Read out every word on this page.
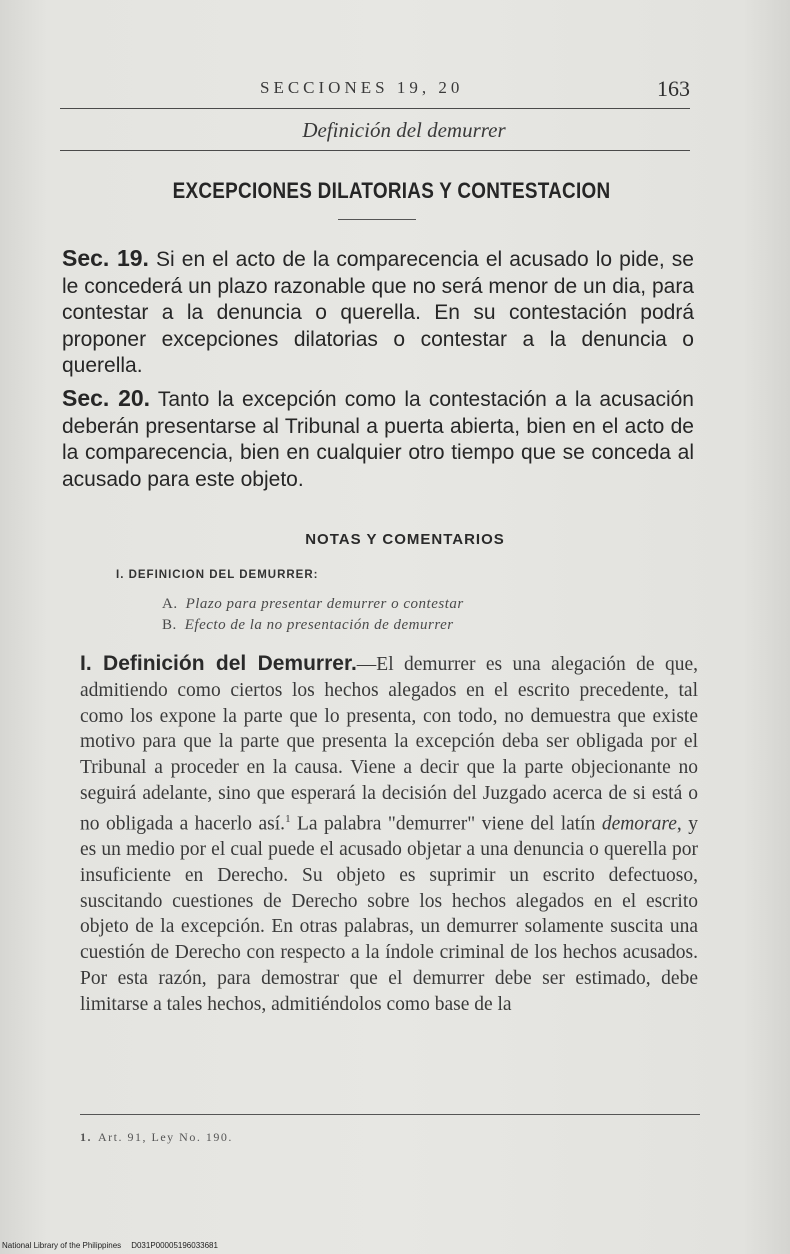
SECCIONES 19, 20	163
Definición del demurrer
EXCEPCIONES DILATORIAS Y CONTESTACION
Sec. 19. Si en el acto de la comparecencia el acusado lo pide, se le concederá un plazo razonable que no será menor de un dia, para contestar a la denuncia o querella. En su contestación podrá proponer excepciones dilatorias o contestar a la denuncia o querella.
Sec. 20. Tanto la excepción como la contestación a la acusación deberán presentarse al Tribunal a puerta abierta, bien en el acto de la comparecencia, bien en cualquier otro tiempo que se conceda al acusado para este objeto.
NOTAS Y COMENTARIOS
I. DEFINICION DEL DEMURRER:
A. Plazo para presentar demurrer o contestar
B. Efecto de la no presentación de demurrer
I. Definición del Demurrer.—El demurrer es una alegación de que, admitiendo como ciertos los hechos alegados en el escrito precedente, tal como los expone la parte que lo presenta, con todo, no demuestra que existe motivo para que la parte que presenta la excepción deba ser obligada por el Tribunal a proceder en la causa. Viene a decir que la parte objecionante no seguirá adelante, sino que esperará la decisión del Juzgado acerca de si está o no obligada a hacerlo así.$^1$ La palabra "demurrer" viene del latín demorare, y es un medio por el cual puede el acusado objetar a una denuncia o querella por insuficiente en Derecho. Su objeto es suprimir un escrito defectuoso, suscitando cuestiones de Derecho sobre los hechos alegados en el escrito objeto de la excepción. En otras palabras, un demurrer solamente suscita una cuestión de Derecho con respecto a la índole criminal de los hechos acusados. Por esta razón, para demostrar que el demurrer debe ser estimado, debe limitarse a tales hechos, admitiéndolos como base de la
1. Art. 91, Ley No. 190.
National Library of the Philippines D031P00005196033681
